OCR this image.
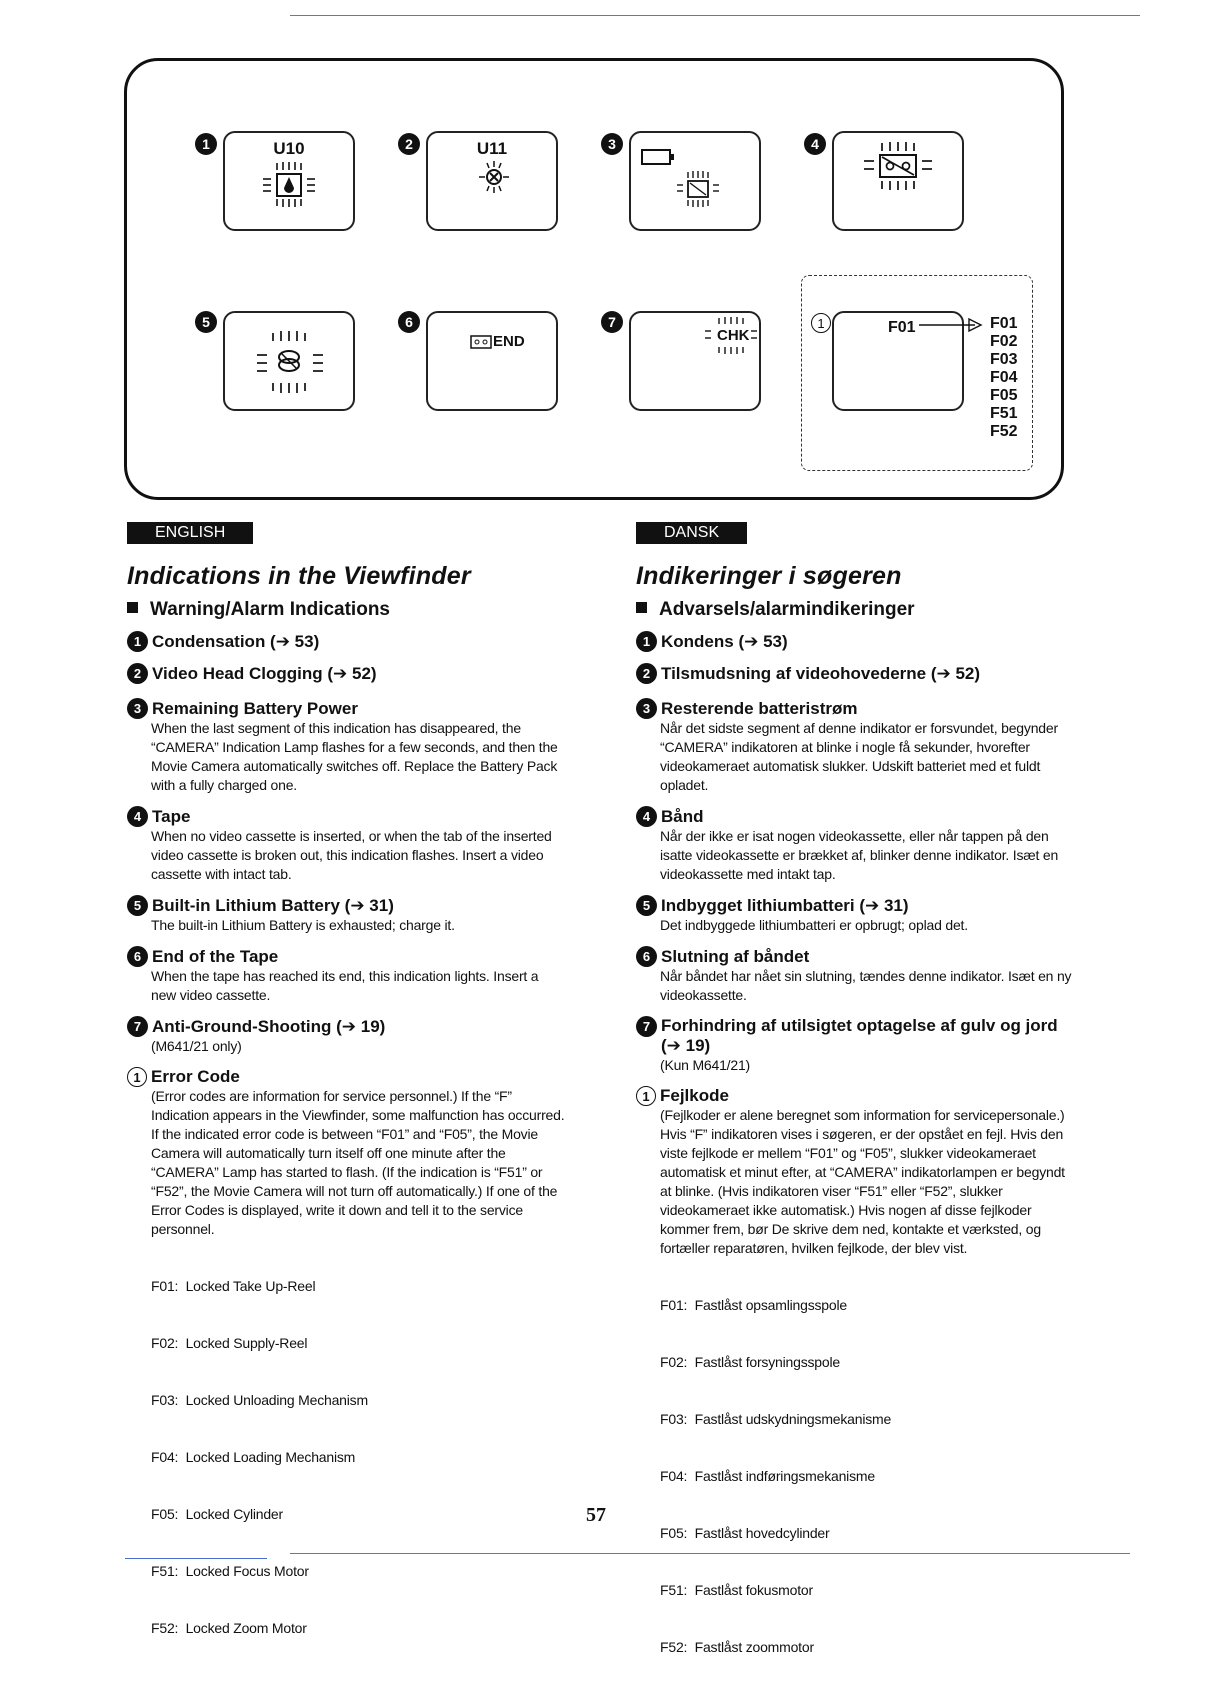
1	U10	2	U11	3	4
5	6
END
7
CHK
1	F01	F01
F02
F03
F04
F05
F51
F52
ENGLISH
Indications in the Viewfinder
Warning/Alarm Indications
1 Condensation (➔ 53)
2 Video Head Clogging (➔ 52)
3 Remaining Battery Power
When the last segment of this indication has disappeared, the “CAMERA” Indication Lamp flashes for a few seconds, and then the Movie Camera automatically switches off. Replace the Battery Pack with a fully charged one.
4 Tape
When no video cassette is inserted, or when the tab of the inserted video cassette is broken out, this indication flashes. Insert a video cassette with intact tab.
5 Built-in Lithium Battery (➔ 31)
The built-in Lithium Battery is exhausted; charge it.
6 End of the Tape
When the tape has reached its end, this indication lights. Insert a new video cassette.
7 Anti-Ground-Shooting (➔ 19)
(M641/21 only)
1 Error Code
(Error codes are information for service personnel.) If the “F” Indication appears in the Viewfinder, some malfunction has occurred. If the indicated error code is between “F01” and “F05”, the Movie Camera will automatically turn itself off one minute after the “CAMERA” Lamp has started to flash. (If the indication is “F51” or “F52”, the Movie Camera will not turn off automatically.) If one of the Error Codes is displayed, write it down and tell it to the service personnel.

F01:  Locked Take Up-Reel

F02:  Locked Supply-Reel

F03:  Locked Unloading Mechanism

F04:  Locked Loading Mechanism

F05:  Locked Cylinder

F51:  Locked Focus Motor

F52:  Locked Zoom Motor

DANSK
Indikeringer i søgeren
Advarsels/alarmindikeringer
1 Kondens (➔ 53)
2 Tilsmudsning af videohovederne (➔ 52)
3 Resterende batteristrøm
Når det sidste segment af denne indikator er forsvundet, begynder “CAMERA” indikatoren at blinke i nogle få sekunder, hvorefter videokameraet automatisk slukker. Udskift batteriet med et fuldt opladet.
4 Bånd
Når der ikke er isat nogen videokassette, eller når tappen på den isatte videokassette er brækket af, blinker denne indikator. Isæt en videokassette med intakt tap.
5 Indbygget lithiumbatteri (➔ 31)
Det indbyggede lithiumbatteri er opbrugt; oplad det.
6 Slutning af båndet
Når båndet har nået sin slutning, tændes denne indikator. Isæt en ny videokassette.
7 Forhindring af utilsigtet optagelse af gulv og jord (➔ 19)
(Kun M641/21)
1 Fejlkode
(Fejlkoder er alene beregnet som information for servicepersonale.) Hvis “F” indikatoren vises i søgeren, er der opstået en fejl. Hvis den viste fejlkode er mellem “F01” og “F05”, slukker videokameraet automatisk et minut efter, at “CAMERA” indikatorlampen er begyndt at blinke. (Hvis indikatoren viser “F51” eller “F52”, slukker videokameraet ikke automatisk.) Hvis nogen af disse fejlkoder kommer frem, bør De skrive dem ned, kontakte et værksted, og fortæller reparatøren, hvilken fejlkode, der blev vist.

F01:  Fastlåst opsamlingsspole

F02:  Fastlåst forsyningsspole

F03:  Fastlåst udskydningsmekanisme

F04:  Fastlåst indføringsmekanisme

F05:  Fastlåst hovedcylinder

F51:  Fastlåst fokusmotor

F52:  Fastlåst zoommotor

57
